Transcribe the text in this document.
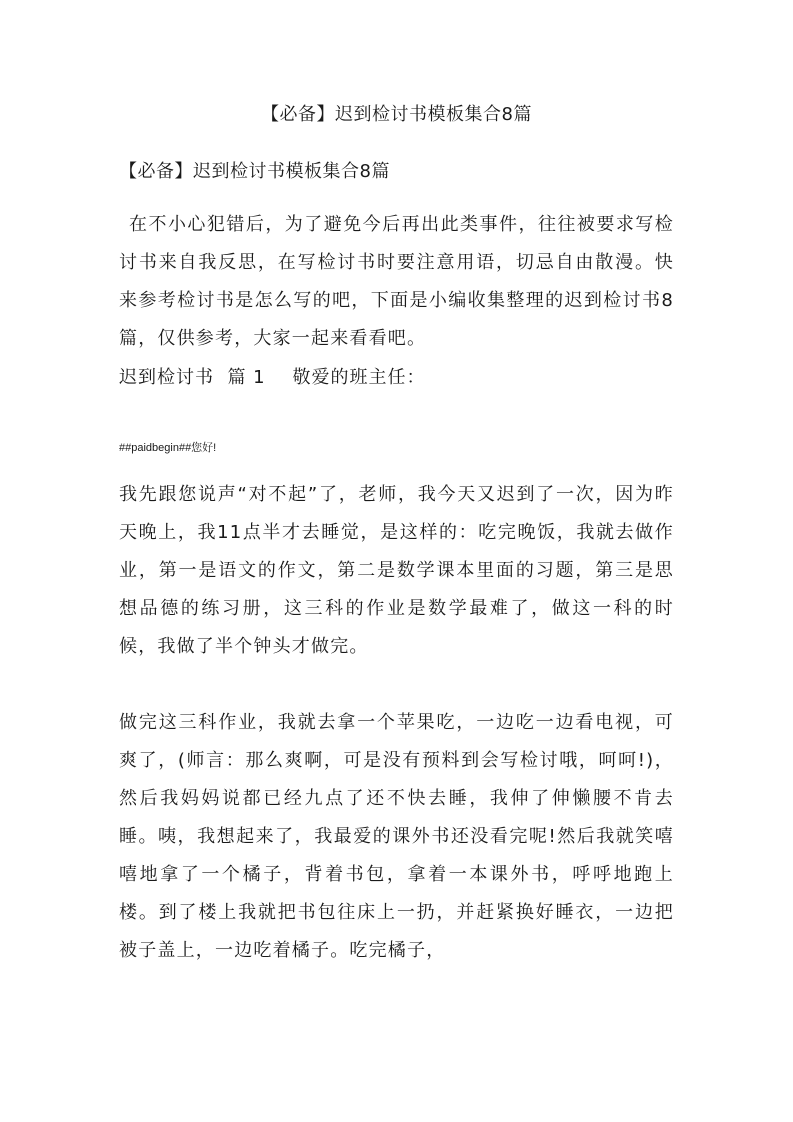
【必备】迟到检讨书模板集合8篇
【必备】迟到检讨书模板集合8篇

在不小心犯错后，为了避免今后再出此类事件，往往被要求写检讨书来自我反思，在写检讨书时要注意用语，切忌自由散漫。快来参考检讨书是怎么写的吧，下面是小编收集整理的迟到检讨书8篇，仅供参考，大家一起来看看吧。

迟到检讨书  篇 1    敬爱的班主任：
##paidbegin##您好!

我先跟您说声“对不起”了，老师，我今天又迟到了一次，因为昨天晚上，我11点半才去睡觉，是这样的：吃完晚饭，我就去做作业，第一是语文的作文，第二是数学课本里面的习题，第三是思想品德的练习册，这三科的作业是数学最难了，做这一科的时候，我做了半个钟头才做完。

做完这三科作业，我就去拿一个苹果吃，一边吃一边看电视，可爽了，(师言：那么爽啊，可是没有预料到会写检讨哦，呵呵!)，然后我妈妈说都已经九点了还不快去睡，我伸了伸懒腰不肯去睡。咦，我想起来了，我最爱的课外书还没看完呢!然后我就笑嘻嘻地拿了一个橘子，背着书包，拿着一本课外书，呼呼地跑上楼。到了楼上我就把书包往床上一扔，并赶紧换好睡衣，一边把被子盖上，一边吃着橘子。吃完橘子，
